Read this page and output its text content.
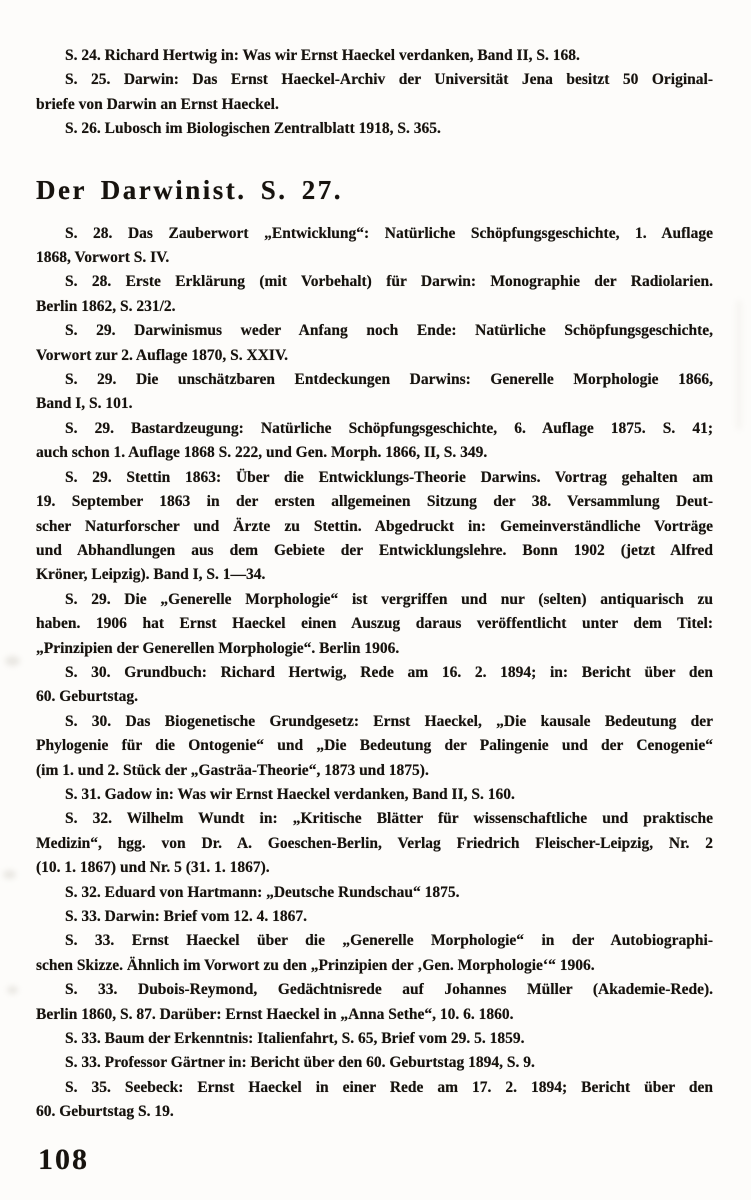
S. 24. Richard Hertwig in: Was wir Ernst Haeckel verdanken, Band II, S. 168.

S. 25. Darwin: Das Ernst Haeckel-Archiv der Universität Jena besitzt 50 Original-
briefe von Darwin an Ernst Haeckel.

S. 26. Lubosch im Biologischen Zentralblatt 1918, S. 365.

Der Darwinist. S. 27.

S. 28. Das Zauberwort „Entwicklung“: Natürliche Schöpfungsgeschichte, 1. Auflage
1868, Vorwort S. IV.

S. 28. Erste Erklärung (mit Vorbehalt) für Darwin: Monographie der Radiolarien.
Berlin 1862, S. 231/2.

S. 29. Darwinismus weder Anfang noch Ende: Natürliche Schöpfungsgeschichte,
Vorwort zur 2. Auflage 1870, S. XXIV.

S. 29. Die unschätzbaren Entdeckungen Darwins: Generelle Morphologie 1866,
Band I, S. 101.

S. 29. Bastardzeugung: Natürliche Schöpfungsgeschichte, 6. Auflage 1875. S. 41;
auch schon 1. Auflage 1868 S. 222, und Gen. Morph. 1866, II, S. 349.

S. 29. Stettin 1863: Über die Entwicklungs-Theorie Darwins. Vortrag gehalten am
19. September 1863 in der ersten allgemeinen Sitzung der 38. Versammlung Deut-
scher Naturforscher und Ärzte zu Stettin. Abgedruckt in: Gemeinverständliche Vorträge
und Abhandlungen aus dem Gebiete der Entwicklungslehre. Bonn 1902 (jetzt Alfred
Kröner, Leipzig). Band I, S. 1—34.

S. 29. Die „Generelle Morphologie“ ist vergriffen und nur (selten) antiquarisch zu
haben. 1906 hat Ernst Haeckel einen Auszug daraus veröffentlicht unter dem Titel:
„Prinzipien der Generellen Morphologie“. Berlin 1906.

S. 30. Grundbuch: Richard Hertwig, Rede am 16. 2. 1894; in: Bericht über den
60. Geburtstag.

S. 30. Das Biogenetische Grundgesetz: Ernst Haeckel, „Die kausale Bedeutung der
Phylogenie für die Ontogenie“ und „Die Bedeutung der Palingenie und der Cenogenie“
(im 1. und 2. Stück der „Gasträa-Theorie“, 1873 und 1875).

S. 31. Gadow in: Was wir Ernst Haeckel verdanken, Band II, S. 160.

S. 32. Wilhelm Wundt in: „Kritische Blätter für wissenschaftliche und praktische
Medizin“, hgg. von Dr. A. Goeschen-Berlin, Verlag Friedrich Fleischer-Leipzig, Nr. 2
(10. 1. 1867) und Nr. 5 (31. 1. 1867).

S. 32. Eduard von Hartmann: „Deutsche Rundschau“ 1875.

S. 33. Darwin: Brief vom 12. 4. 1867.

S. 33. Ernst Haeckel über die „Generelle Morphologie“ in der Autobiographi-
schen Skizze. Ähnlich im Vorwort zu den „Prinzipien der ‚Gen. Morphologie‘“ 1906.

S. 33. Dubois-Reymond, Gedächtnisrede auf Johannes Müller (Akademie-Rede).
Berlin 1860, S. 87. Darüber: Ernst Haeckel in „Anna Sethe“, 10. 6. 1860.

S. 33. Baum der Erkenntnis: Italienfahrt, S. 65, Brief vom 29. 5. 1859.

S. 33. Professor Gärtner in: Bericht über den 60. Geburtstag 1894, S. 9.

S. 35. Seebeck: Ernst Haeckel in einer Rede am 17. 2. 1894; Bericht über den
60. Geburtstag S. 19.

108
